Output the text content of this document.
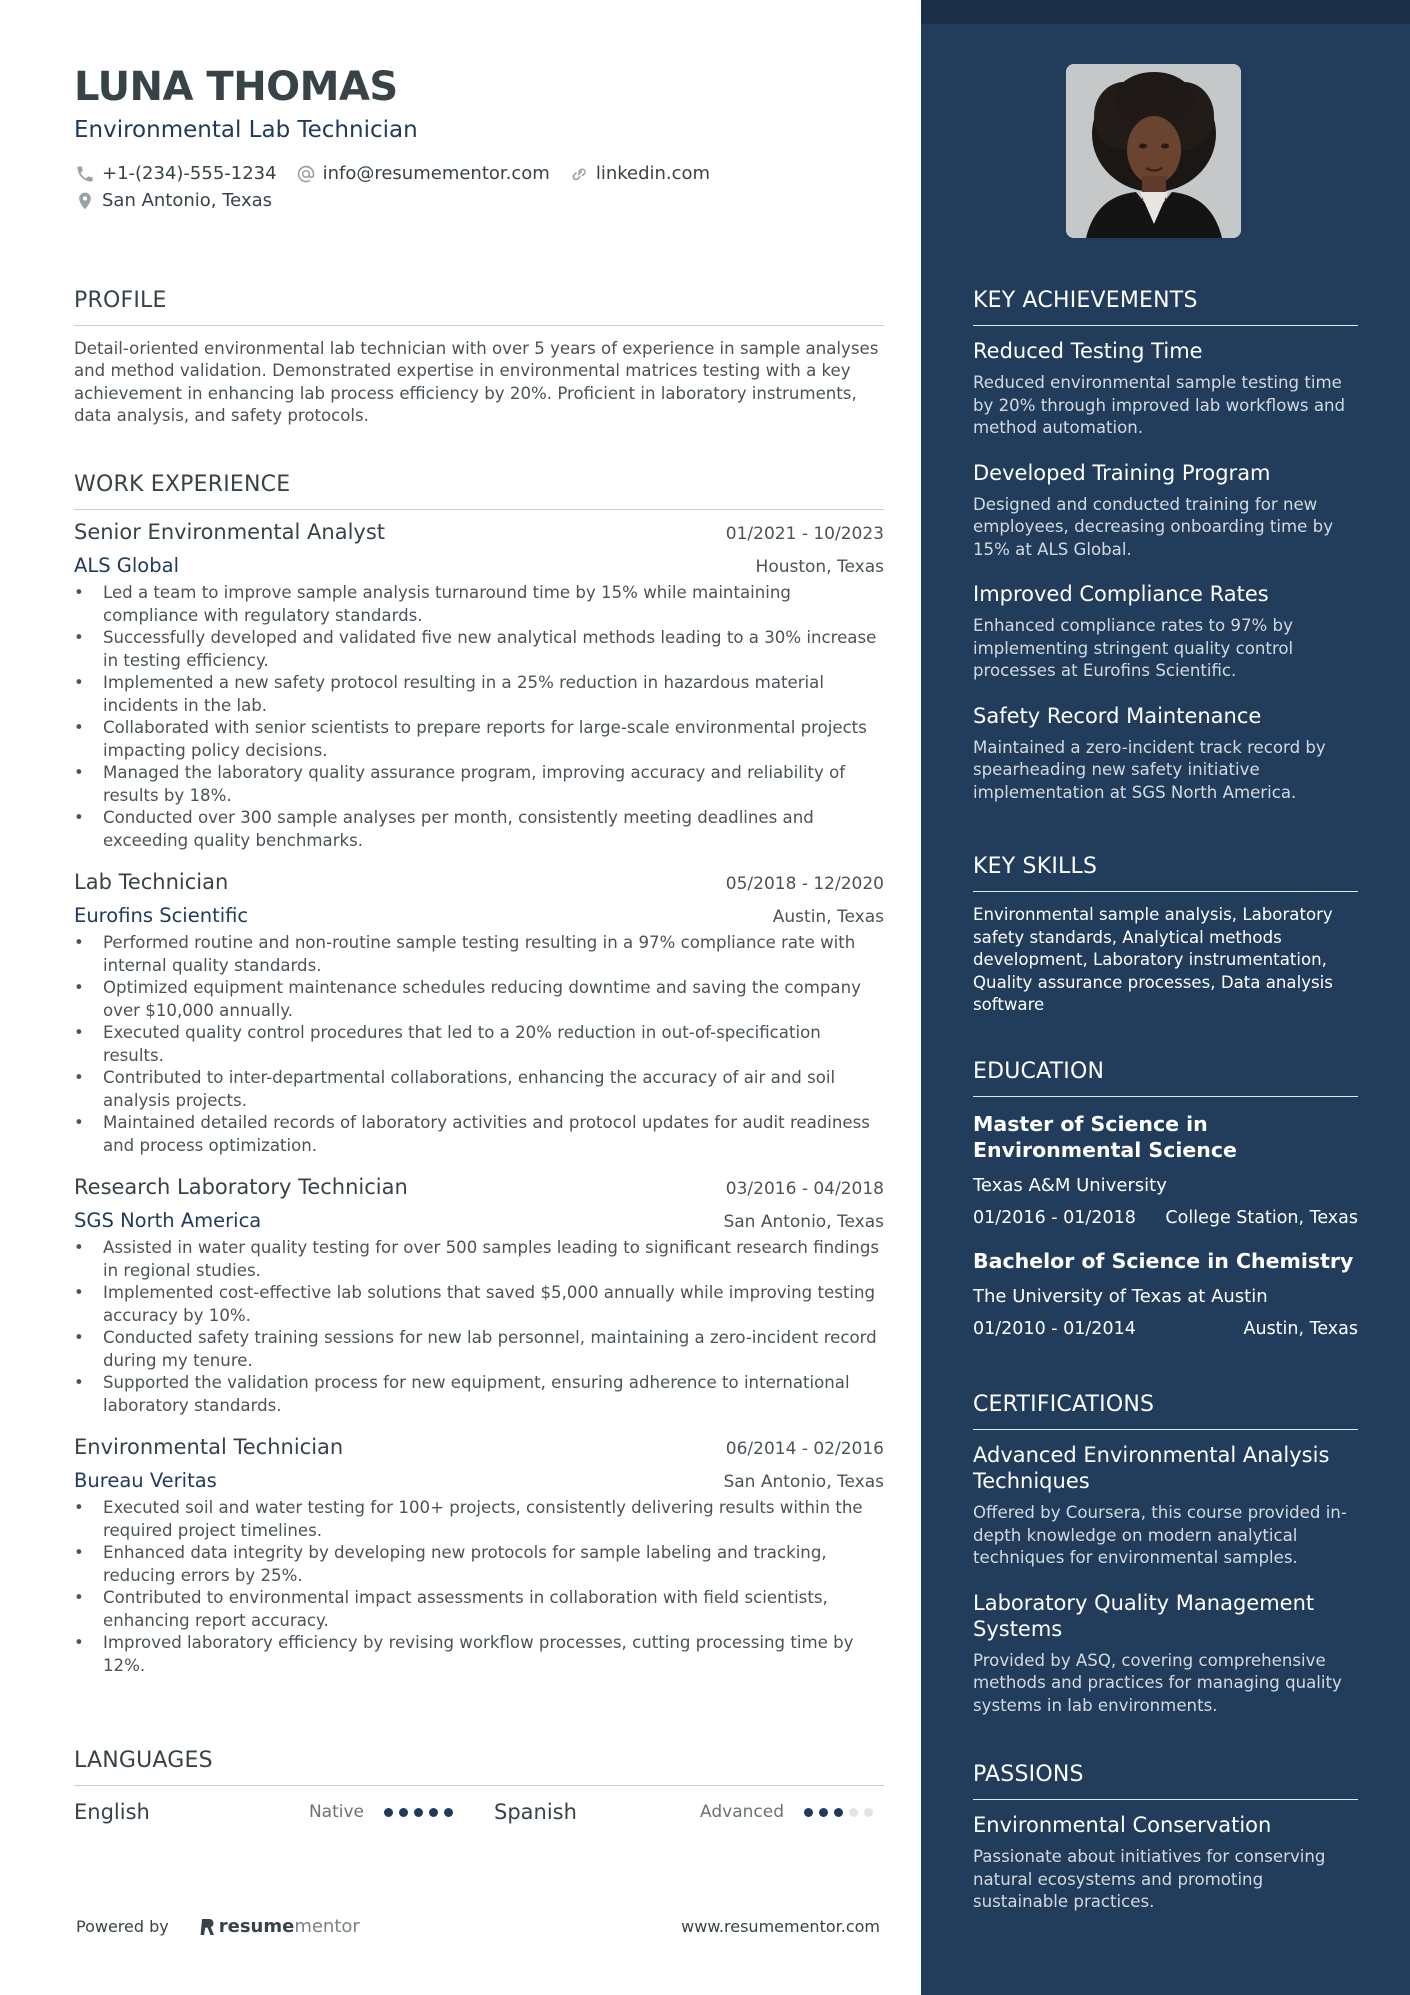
LUNA THOMAS
Environmental Lab Technician
+1-(234)-555-1234	info@resumementor.com	linkedin.com
San Antonio, Texas
PROFILE

Detail-oriented environmental lab technician with over 5 years of experience in sample analyses and method validation. Demonstrated expertise in environmental matrices testing with a key achievement in enhancing lab process efficiency by 20%. Proficient in laboratory instruments, data analysis, and safety protocols.

WORK EXPERIENCE
Senior Environmental Analyst	01/2021 - 10/2023
ALS Global	Houston, Texas
• Led a team to improve sample analysis turnaround time by 15% while maintaining compliance with regulatory standards.
• Successfully developed and validated five new analytical methods leading to a 30% increase in testing efficiency.
• Implemented a new safety protocol resulting in a 25% reduction in hazardous material incidents in the lab.
• Collaborated with senior scientists to prepare reports for large-scale environmental projects impacting policy decisions.
• Managed the laboratory quality assurance program, improving accuracy and reliability of results by 18%.
• Conducted over 300 sample analyses per month, consistently meeting deadlines and exceeding quality benchmarks.
Lab Technician	05/2018 - 12/2020
Eurofins Scientific	Austin, Texas
• Performed routine and non-routine sample testing resulting in a 97% compliance rate with internal quality standards.
• Optimized equipment maintenance schedules reducing downtime and saving the company over $10,000 annually.
• Executed quality control procedures that led to a 20% reduction in out-of-specification results.
• Contributed to inter-departmental collaborations, enhancing the accuracy of air and soil analysis projects.
• Maintained detailed records of laboratory activities and protocol updates for audit readiness and process optimization.
Research Laboratory Technician	03/2016 - 04/2018
SGS North America	San Antonio, Texas
• Assisted in water quality testing for over 500 samples leading to significant research findings in regional studies.
• Implemented cost-effective lab solutions that saved $5,000 annually while improving testing accuracy by 10%.
• Conducted safety training sessions for new lab personnel, maintaining a zero-incident record during my tenure.
• Supported the validation process for new equipment, ensuring adherence to international laboratory standards.
Environmental Technician	06/2014 - 02/2016
Bureau Veritas	San Antonio, Texas
• Executed soil and water testing for 100+ projects, consistently delivering results within the required project timelines.
• Enhanced data integrity by developing new protocols for sample labeling and tracking, reducing errors by 25%.
• Contributed to environmental impact assessments in collaboration with field scientists, enhancing report accuracy.
• Improved laboratory efficiency by revising workflow processes, cutting processing time by 12%.
LANGUAGES
English	Native	Spanish	Advanced
Powered by	resume mentor	www.resumementor.com
KEY ACHIEVEMENTS
Reduced Testing Time
Reduced environmental sample testing time by 20% through improved lab workflows and method automation.
Developed Training Program
Designed and conducted training for new employees, decreasing onboarding time by 15% at ALS Global.
Improved Compliance Rates
Enhanced compliance rates to 97% by implementing stringent quality control processes at Eurofins Scientific.
Safety Record Maintenance
Maintained a zero-incident track record by spearheading new safety initiative implementation at SGS North America.
KEY SKILLS
Environmental sample analysis, Laboratory safety standards, Analytical methods development, Laboratory instrumentation, Quality assurance processes, Data analysis software
EDUCATION
Master of Science in Environmental Science
Texas A&M University
01/2016 - 01/2018 College Station, Texas
Bachelor of Science in Chemistry
The University of Texas at Austin
01/2010 - 01/2014	Austin, Texas
CERTIFICATIONS
Advanced Environmental Analysis Techniques
Offered by Coursera, this course provided in-depth knowledge on modern analytical techniques for environmental samples.
Laboratory Quality Management Systems
Provided by ASQ, covering comprehensive methods and practices for managing quality systems in lab environments.
PASSIONS
Environmental Conservation
Passionate about initiatives for conserving natural ecosystems and promoting sustainable practices.
